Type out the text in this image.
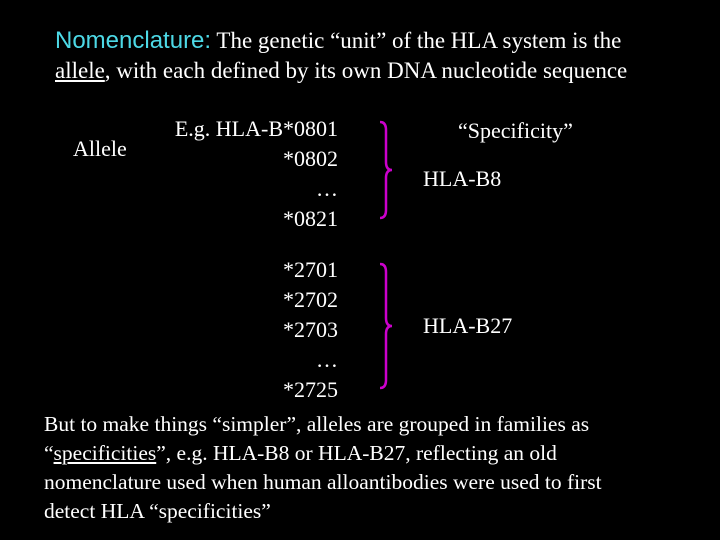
Nomenclature: The genetic “unit” of the HLA system is the
allele, with each defined by its own DNA nucleotide sequence
Allele
E.g. HLA-B*0801
*0802
…
*0821
*2701
*2702
*2703
…
*2725
“Specificity”
HLA-B8
HLA-B27
But to make things “simpler”, alleles are grouped in families as
“specificities”, e.g. HLA-B8 or HLA-B27, reflecting an old
nomenclature used when human alloantibodies were used to first
detect HLA “specificities”
